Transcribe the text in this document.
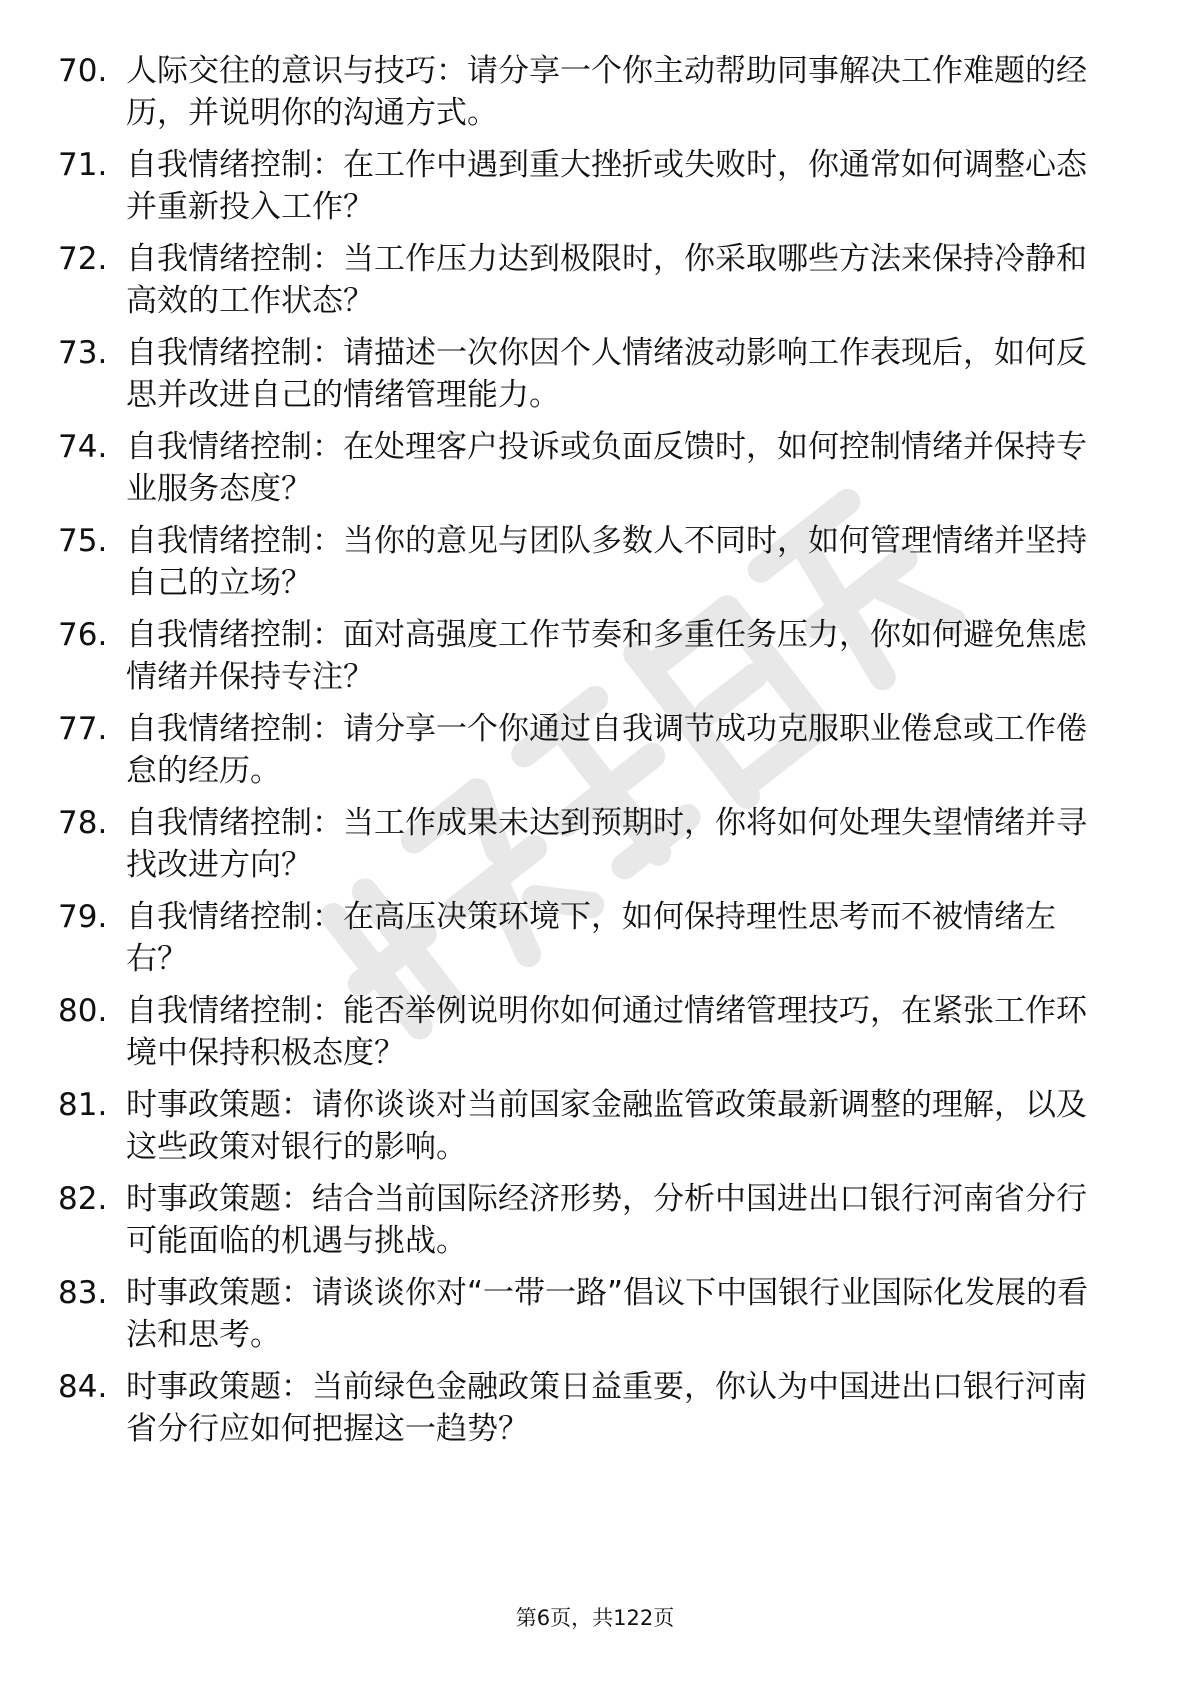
70. 人际交往的意识与技巧：请分享一个你主动帮助同事解决工作难题的经历，并说明你的沟通方式。
71. 自我情绪控制：在工作中遇到重大挫折或失败时，你通常如何调整心态并重新投入工作？
72. 自我情绪控制：当工作压力达到极限时，你采取哪些方法来保持冷静和高效的工作状态？
73. 自我情绪控制：请描述一次你因个人情绪波动影响工作表现后，如何反思并改进自己的情绪管理能力。
74. 自我情绪控制：在处理客户投诉或负面反馈时，如何控制情绪并保持专业服务态度？
75. 自我情绪控制：当你的意见与团队多数人不同时，如何管理情绪并坚持自己的立场？
76. 自我情绪控制：面对高强度工作节奏和多重任务压力，你如何避免焦虑情绪并保持专注？
77. 自我情绪控制：请分享一个你通过自我调节成功克服职业倦怠或工作倦怠的经历。
78. 自我情绪控制：当工作成果未达到预期时，你将如何处理失望情绪并寻找改进方向？
79. 自我情绪控制：在高压决策环境下，如何保持理性思考而不被情绪左右？
80. 自我情绪控制：能否举例说明你如何通过情绪管理技巧，在紧张工作环境中保持积极态度？
81. 时事政策题：请你谈谈对当前国家金融监管政策最新调整的理解，以及这些政策对银行的影响。
82. 时事政策题：结合当前国际经济形势，分析中国进出口银行河南省分行可能面临的机遇与挑战。
83. 时事政策题：请谈谈你对“一带一路”倡议下中国银行业国际化发展的看法和思考。
84. 时事政策题：当前绿色金融政策日益重要，你认为中国进出口银行河南省分行应如何把握这一趋势？
第6页，共122页
